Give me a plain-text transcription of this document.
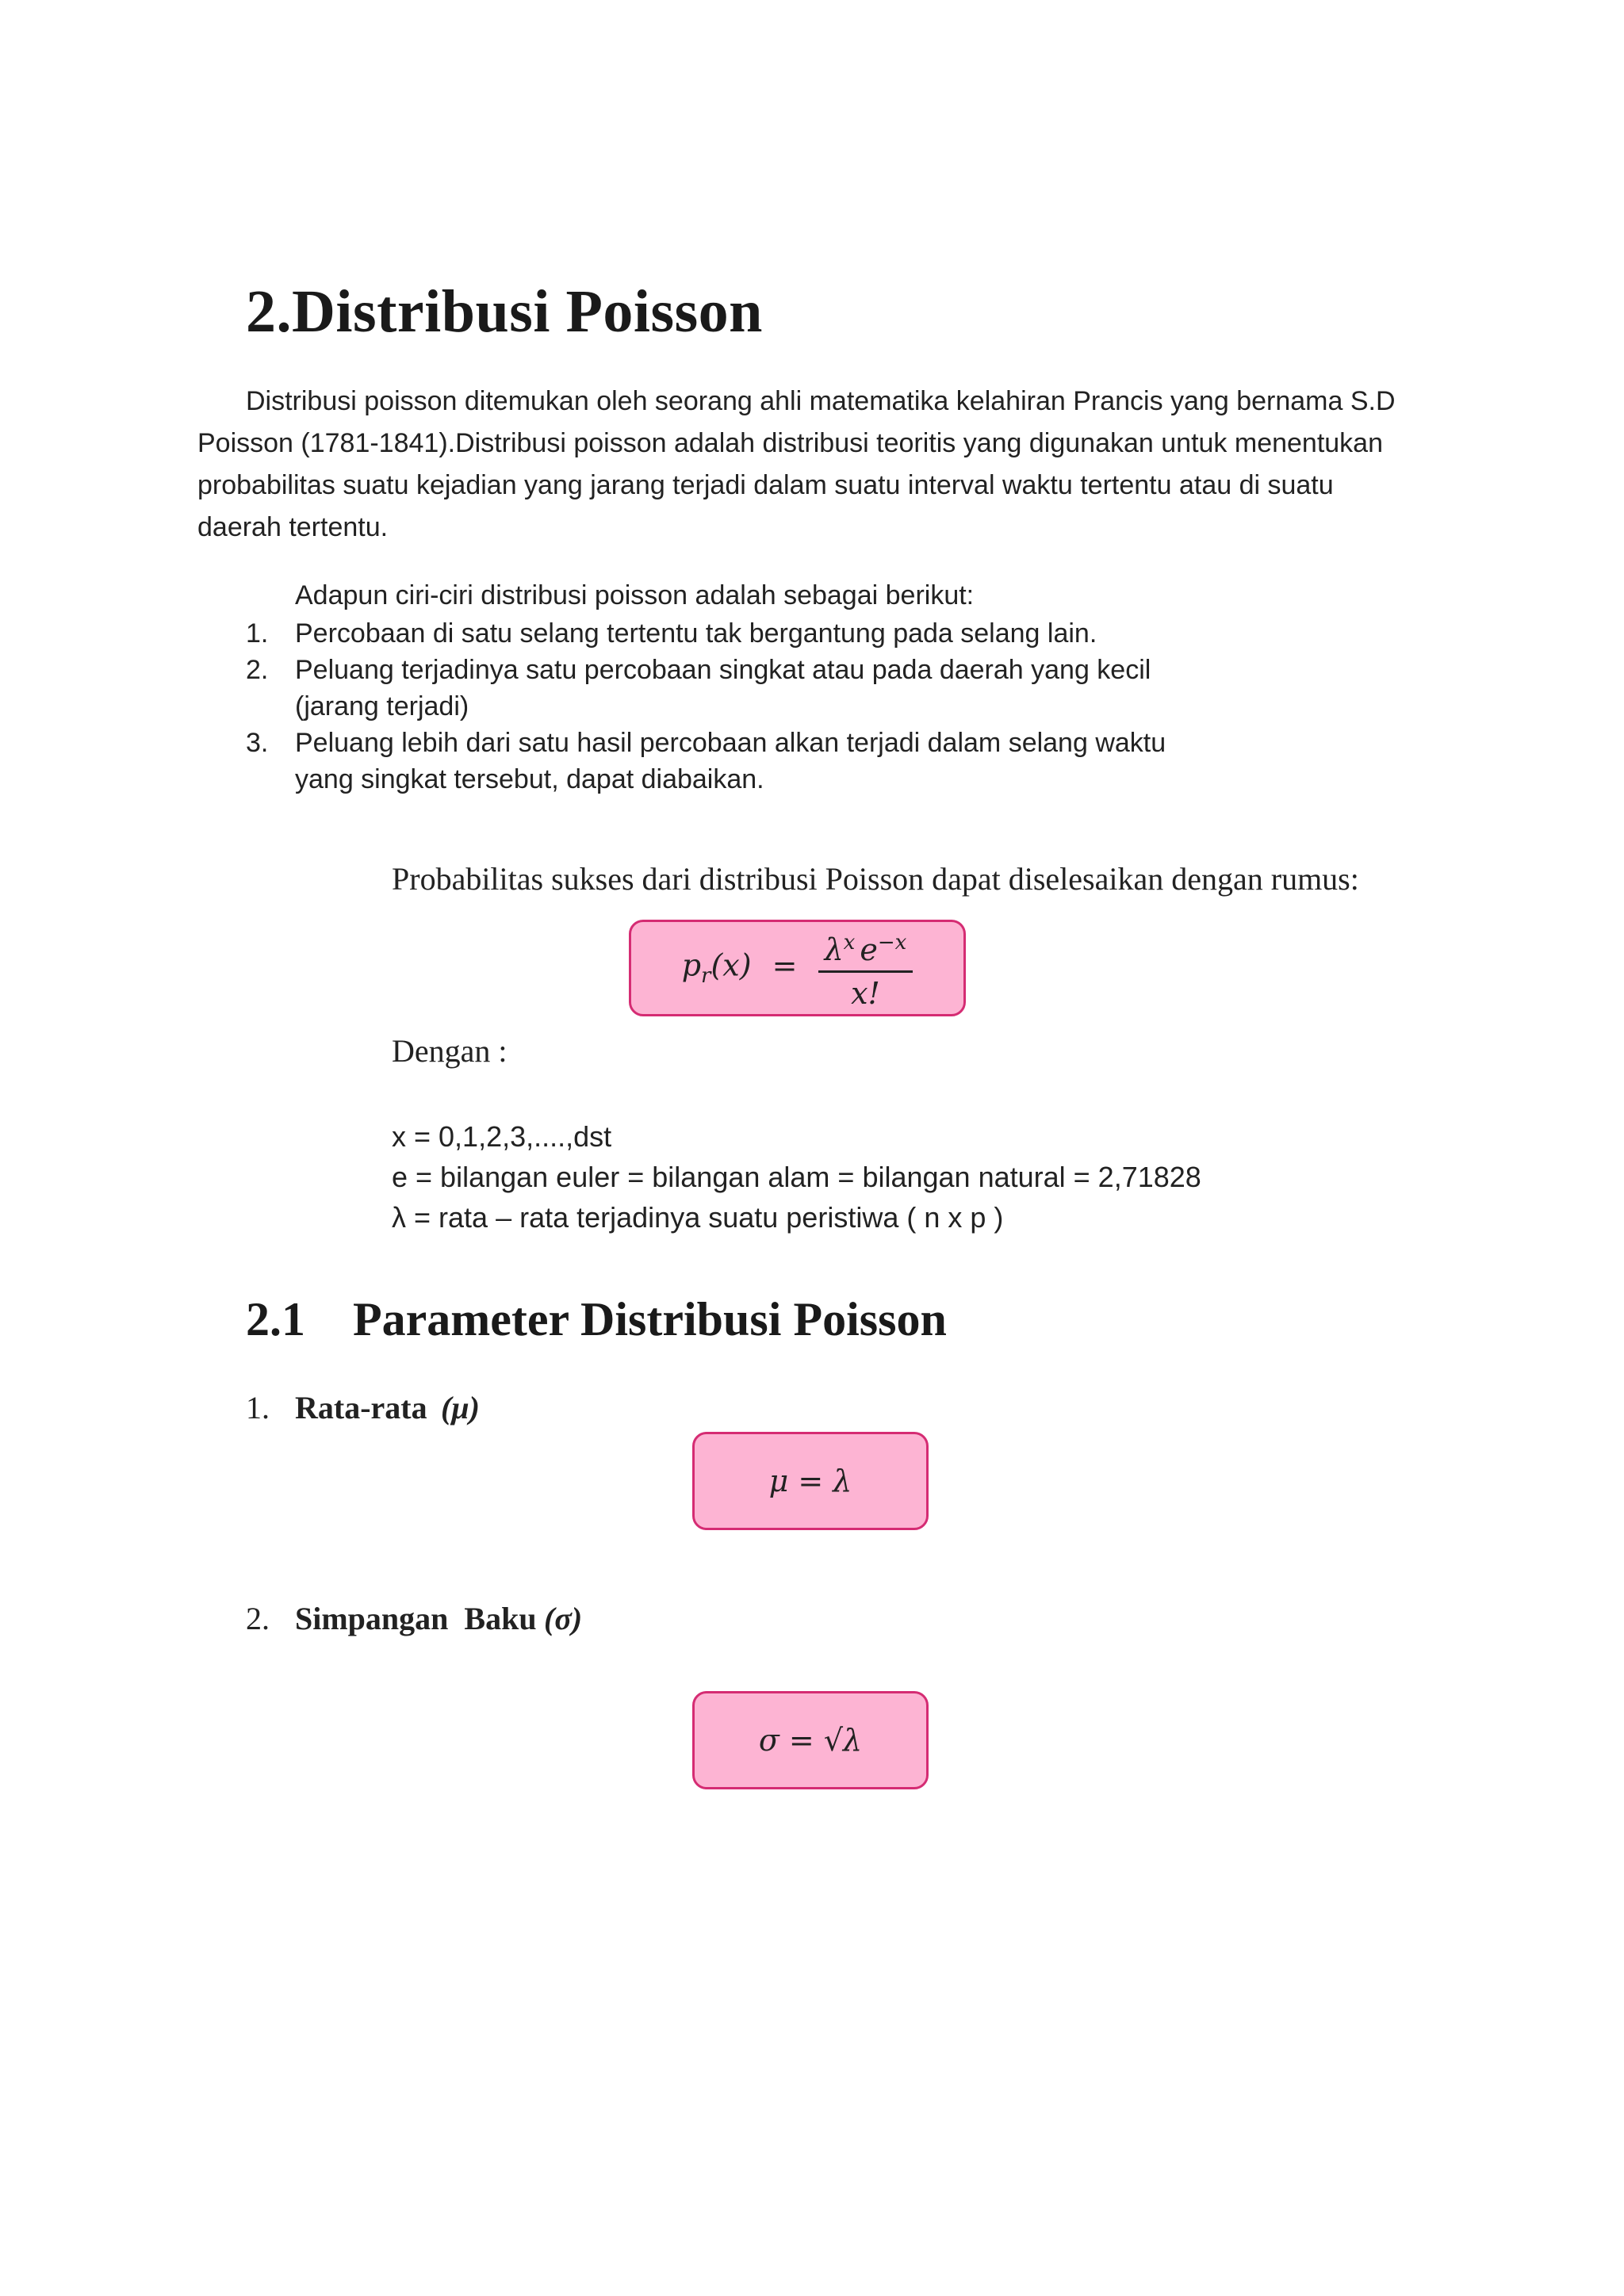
2.Distribusi Poisson

Distribusi poisson ditemukan oleh seorang ahli matematika kelahiran Prancis yang bernama S.D

Poisson (1781-1841).Distribusi poisson adalah distribusi teoritis yang digunakan untuk menentukan

probabilitas suatu kejadian yang jarang terjadi dalam suatu interval waktu tertentu atau di suatu

daerah tertentu.

Adapun ciri-ciri distribusi poisson adalah sebagai berikut:

1. Percobaan di satu selang tertentu tak bergantung pada selang lain.
2. Peluang terjadinya satu percobaan singkat atau pada daerah yang kecil
(jarang terjadi)
3. Peluang lebih dari satu hasil percobaan alkan terjadi dalam selang waktu
yang singkat tersebut, dapat diabaikan.

Probabilitas sukses dari distribusi Poisson dapat diselesaikan dengan rumus:

$p_r(x) = \frac{\lambda^x e^{-x}}{x!}$

Dengan :

x = 0,1,2,3,....,dst

e = bilangan euler = bilangan alam = bilangan natural = 2,71828

λ = rata – rata terjadinya suatu peristiwa ( n x p )

2.1    Parameter Distribusi Poisson
1. Rata-rata (μ)
μ = λ
2. Simpangan  Baku (σ)
σ = √λ
